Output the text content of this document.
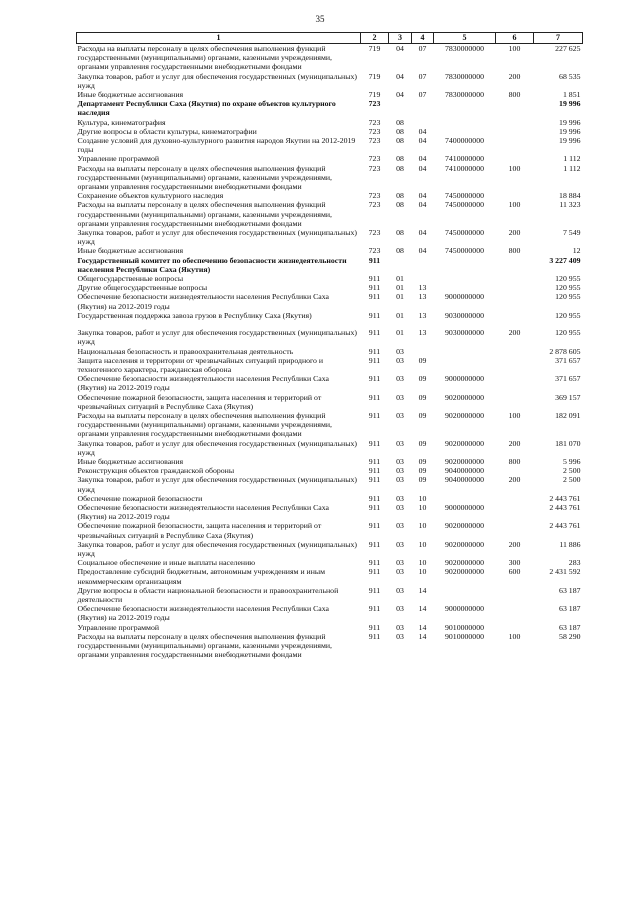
35
1	2	3	4	5	6	7
Расходы на выплаты персоналу в целях обеспечения выполнения функций государственными (муниципальными) органами, казенными учреждениями, органами управления государственными внебюджетными фондами	719	04	07	7830000000	100	227 625
Закупка товаров, работ и услуг для обеспечения государственных (муниципальных) нужд	719	04	07	7830000000	200	68 535
Иные бюджетные ассигнования	719	04	07	7830000000	800	1 851
Департамент Республики Саха (Якутия) по охране объектов культурного наследия	723					19 996
Культура, кинематография	723	08				19 996
Другие вопросы в области культуры, кинематографии	723	08	04			19 996
Создание условий для духовно-культурного развития народов Якутии на 2012-2019 годы	723	08	04	7400000000		19 996
Управление программой	723	08	04	7410000000		1 112
Расходы на выплаты персоналу в целях обеспечения выполнения функций государственными (муниципальными) органами, казенными учреждениями, органами управления государственными внебюджетными фондами	723	08	04	7410000000	100	1 112
Сохранение объектов культурного наследия	723	08	04	7450000000		18 884
Расходы на выплаты персоналу в целях обеспечения выполнения функций государственными (муниципальными) органами, казенными учреждениями, органами управления государственными внебюджетными фондами	723	08	04	7450000000	100	11 323
Закупка товаров, работ и услуг для обеспечения государственных (муниципальных) нужд	723	08	04	7450000000	200	7 549
Иные бюджетные ассигнования	723	08	04	7450000000	800	12
Государственный комитет по обеспечению безопасности жизнедеятельности населения Республики Саха (Якутия)	911					3 227 409
Общегосударственные вопросы	911	01				120 955
Другие общегосударственные вопросы	911	01	13			120 955
Обеспечение безопасности жизнедеятельности населения Республики Саха (Якутия) на 2012-2019 годы	911	01	13	9000000000		120 955
Государственная поддержка завоза грузов в Республику Саха (Якутия)	911	01	13	9030000000		120 955
Закупка товаров, работ и услуг для обеспечения государственных (муниципальных) нужд	911	01	13	9030000000	200	120 955
Национальная безопасность и правоохранительная деятельность	911	03				2 878 605
Защита населения и территории от чрезвычайных ситуаций природного и техногенного характера, гражданская оборона	911	03	09			371 657
Обеспечение безопасности жизнедеятельности населения Республики Саха (Якутия) на 2012-2019 годы	911	03	09	9000000000		371 657
Обеспечение пожарной безопасности, защита населения и территорий от чрезвычайных ситуаций в Республике Саха (Якутия)	911	03	09	9020000000		369 157
Расходы на выплаты персоналу в целях обеспечения выполнения функций государственными (муниципальными) органами, казенными учреждениями, органами управления государственными внебюджетными фондами	911	03	09	9020000000	100	182 091
Закупка товаров, работ и услуг для обеспечения государственных (муниципальных) нужд	911	03	09	9020000000	200	181 070
Иные бюджетные ассигнования	911	03	09	9020000000	800	5 996
Реконструкция объектов гражданской обороны	911	03	09	9040000000		2 500
Закупка товаров, работ и услуг для обеспечения государственных (муниципальных) нужд	911	03	09	9040000000	200	2 500
Обеспечение пожарной безопасности	911	03	10			2 443 761
Обеспечение безопасности жизнедеятельности населения Республики Саха (Якутия) на 2012-2019 годы	911	03	10	9000000000		2 443 761
Обеспечение пожарной безопасности, защита населения и территорий от чрезвычайных ситуаций в Республике Саха (Якутия)	911	03	10	9020000000		2 443 761
Закупка товаров, работ и услуг для обеспечения государственных (муниципальных) нужд	911	03	10	9020000000	200	11 886
Социальное обеспечение и иные выплаты населению	911	03	10	9020000000	300	283
Предоставление субсидий бюджетным, автономным учреждениям и иным некоммерческим организациям	911	03	10	9020000000	600	2 431 592
Другие вопросы в области национальной безопасности и правоохранительной деятельности	911	03	14			63 187
Обеспечение безопасности жизнедеятельности населения Республики Саха (Якутия) на 2012-2019 годы	911	03	14	9000000000		63 187
Управление программой	911	03	14	9010000000		63 187
Расходы на выплаты персоналу в целях обеспечения выполнения функций государственными (муниципальными) органами, казенными учреждениями, органами управления государственными внебюджетными фондами	911	03	14	9010000000	100	58 290
